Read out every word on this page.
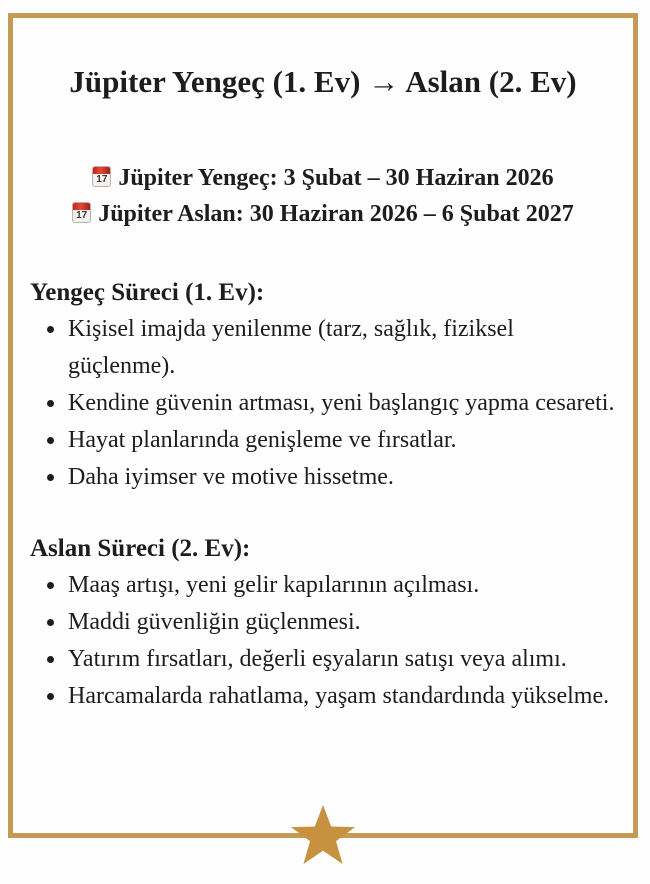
Jüpiter Yengeç (1. Ev) → Aslan (2. Ev)
17 Jüpiter Yengeç: 3 Şubat – 30 Haziran 2026
17 Jüpiter Aslan: 30 Haziran 2026 – 6 Şubat 2027
Yengeç Süreci (1. Ev):
Kişisel imajda yenilenme (tarz, sağlık, fiziksel güçlenme).
Kendine güvenin artması, yeni başlangıç yapma cesareti.
Hayat planlarında genişleme ve fırsatlar.
Daha iyimser ve motive hissetme.
Aslan Süreci (2. Ev):
Maaş artışı, yeni gelir kapılarının açılması.
Maddi güvenliğin güçlenmesi.
Yatırım fırsatları, değerli eşyaların satışı veya alımı.
Harcamalarda rahatlama, yaşam standardında yükselme.
